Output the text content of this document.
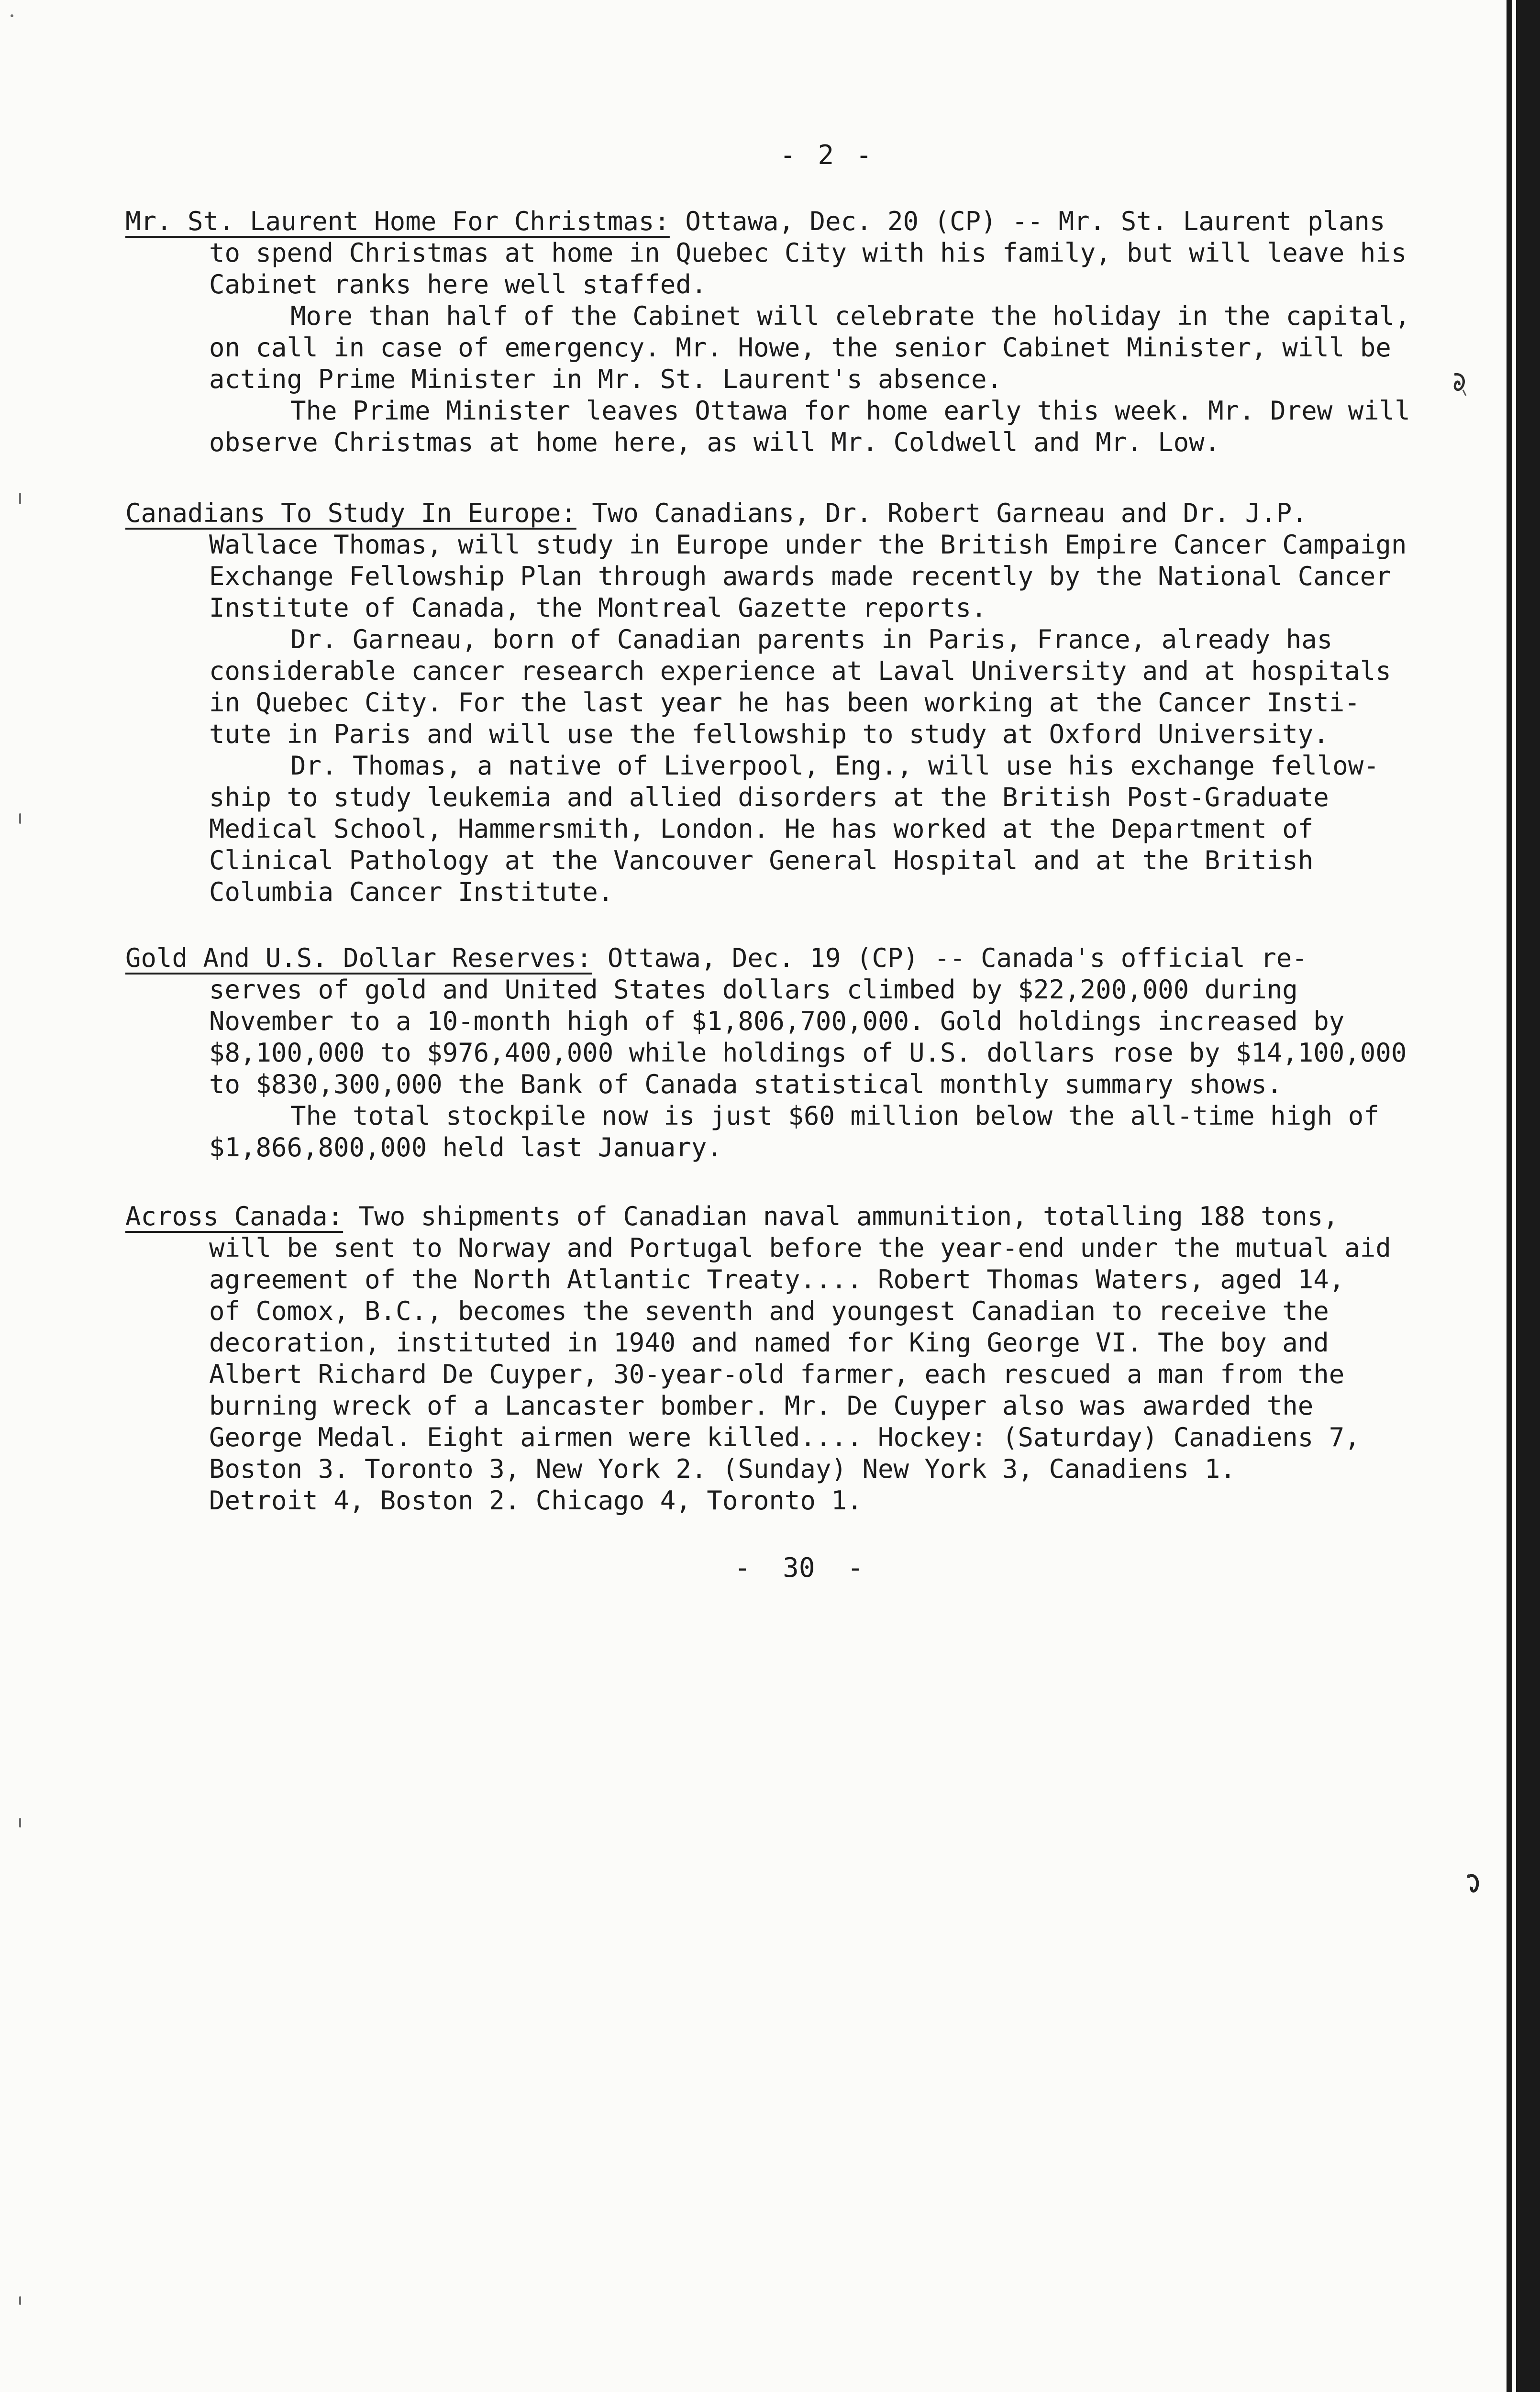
- 2 -
Mr. St. Laurent Home For Christmas: Ottawa, Dec. 20 (CP) -- Mr. St. Laurent plans
to spend Christmas at home in Quebec City with his family, but will leave his
Cabinet ranks here well staffed.
More than half of the Cabinet will celebrate the holiday in the capital,
on call in case of emergency. Mr. Howe, the senior Cabinet Minister, will be
acting Prime Minister in Mr. St. Laurent's absence.
The Prime Minister leaves Ottawa for home early this week. Mr. Drew will
observe Christmas at home here, as will Mr. Coldwell and Mr. Low.
Canadians To Study In Europe: Two Canadians, Dr. Robert Garneau and Dr. J.P.
Wallace Thomas, will study in Europe under the British Empire Cancer Campaign
Exchange Fellowship Plan through awards made recently by the National Cancer
Institute of Canada, the Montreal Gazette reports.
Dr. Garneau, born of Canadian parents in Paris, France, already has
considerable cancer research experience at Laval University and at hospitals
in Quebec City. For the last year he has been working at the Cancer Insti-
tute in Paris and will use the fellowship to study at Oxford University.
Dr. Thomas, a native of Liverpool, Eng., will use his exchange fellow-
ship to study leukemia and allied disorders at the British Post-Graduate
Medical School, Hammersmith, London. He has worked at the Department of
Clinical Pathology at the Vancouver General Hospital and at the British
Columbia Cancer Institute.
Gold And U.S. Dollar Reserves: Ottawa, Dec. 19 (CP) -- Canada's official re-
serves of gold and United States dollars climbed by $22,200,000 during
November to a 10-month high of $1,806,700,000. Gold holdings increased by
$8,100,000 to $976,400,000 while holdings of U.S. dollars rose by $14,100,000
to $830,300,000 the Bank of Canada statistical monthly summary shows.
The total stockpile now is just $60 million below the all-time high of
$1,866,800,000 held last January.
Across Canada: Two shipments of Canadian naval ammunition, totalling 188 tons,
will be sent to Norway and Portugal before the year-end under the mutual aid
agreement of the North Atlantic Treaty.... Robert Thomas Waters, aged 14,
of Comox, B.C., becomes the seventh and youngest Canadian to receive the
decoration, instituted in 1940 and named for King George VI. The boy and
Albert Richard De Cuyper, 30-year-old farmer, each rescued a man from the
burning wreck of a Lancaster bomber. Mr. De Cuyper also was awarded the
George Medal. Eight airmen were killed.... Hockey: (Saturday) Canadiens 7,
Boston 3. Toronto 3, New York 2. (Sunday) New York 3, Canadiens 1.
Detroit 4, Boston 2. Chicago 4, Toronto 1.
-  30  -
